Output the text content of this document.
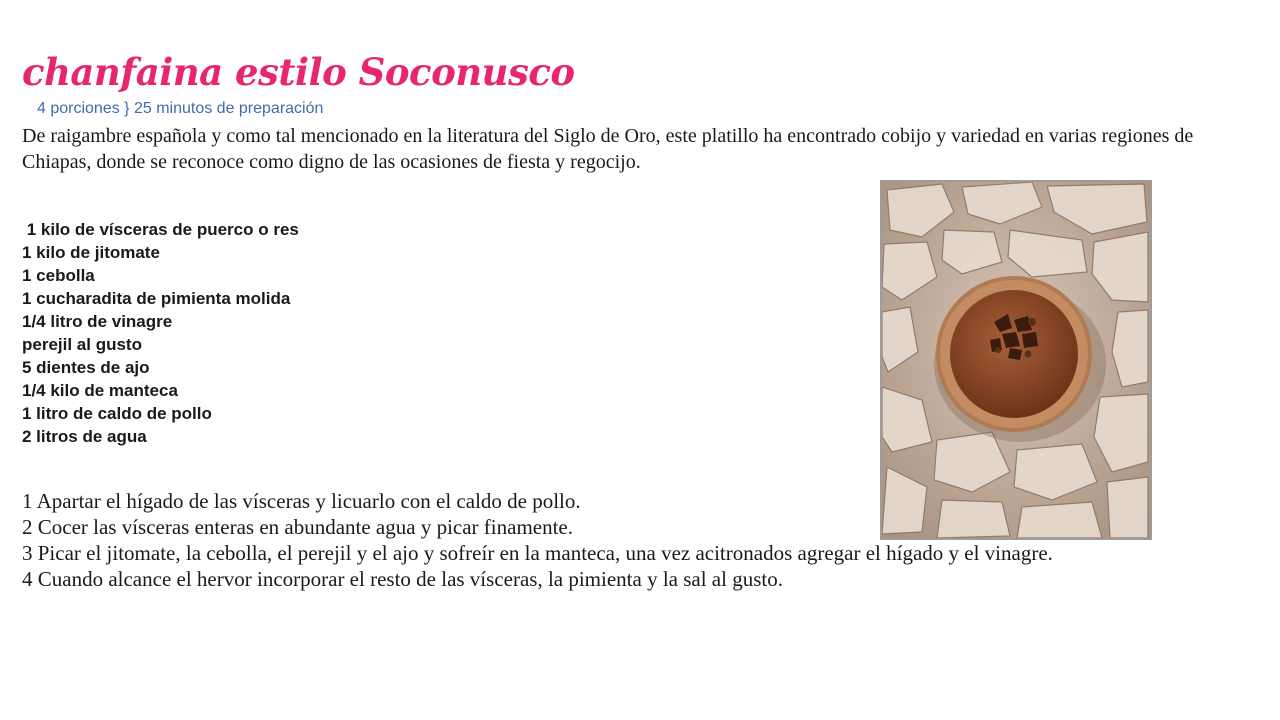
chanfaina estilo Soconusco
4 porciones } 25 minutos de preparación

De raigambre española y como tal mencionado en la literatura del Siglo de Oro, este platillo ha encontrado cobijo y variedad en varias regiones de Chiapas, donde se reconoce como digno de las ocasiones de fiesta y regocijo.

1 kilo de vísceras de puerco o res
1 kilo de jitomate
1 cebolla
1 cucharadita de pimienta molida
1/4 litro de vinagre
perejil al gusto
5 dientes de ajo
1/4 kilo de manteca
1 litro de caldo de pollo
2 litros de agua
1 Apartar el hígado de las vísceras y licuarlo con el caldo de pollo.
2 Cocer las vísceras enteras en abundante agua y picar finamente.
3 Picar el jitomate, la cebolla, el perejil y el ajo y sofreír en la manteca, una vez acitronados agregar el hígado y el vinagre.
4 Cuando alcance el hervor incorporar el resto de las vísceras, la pimienta y la sal al gusto.
